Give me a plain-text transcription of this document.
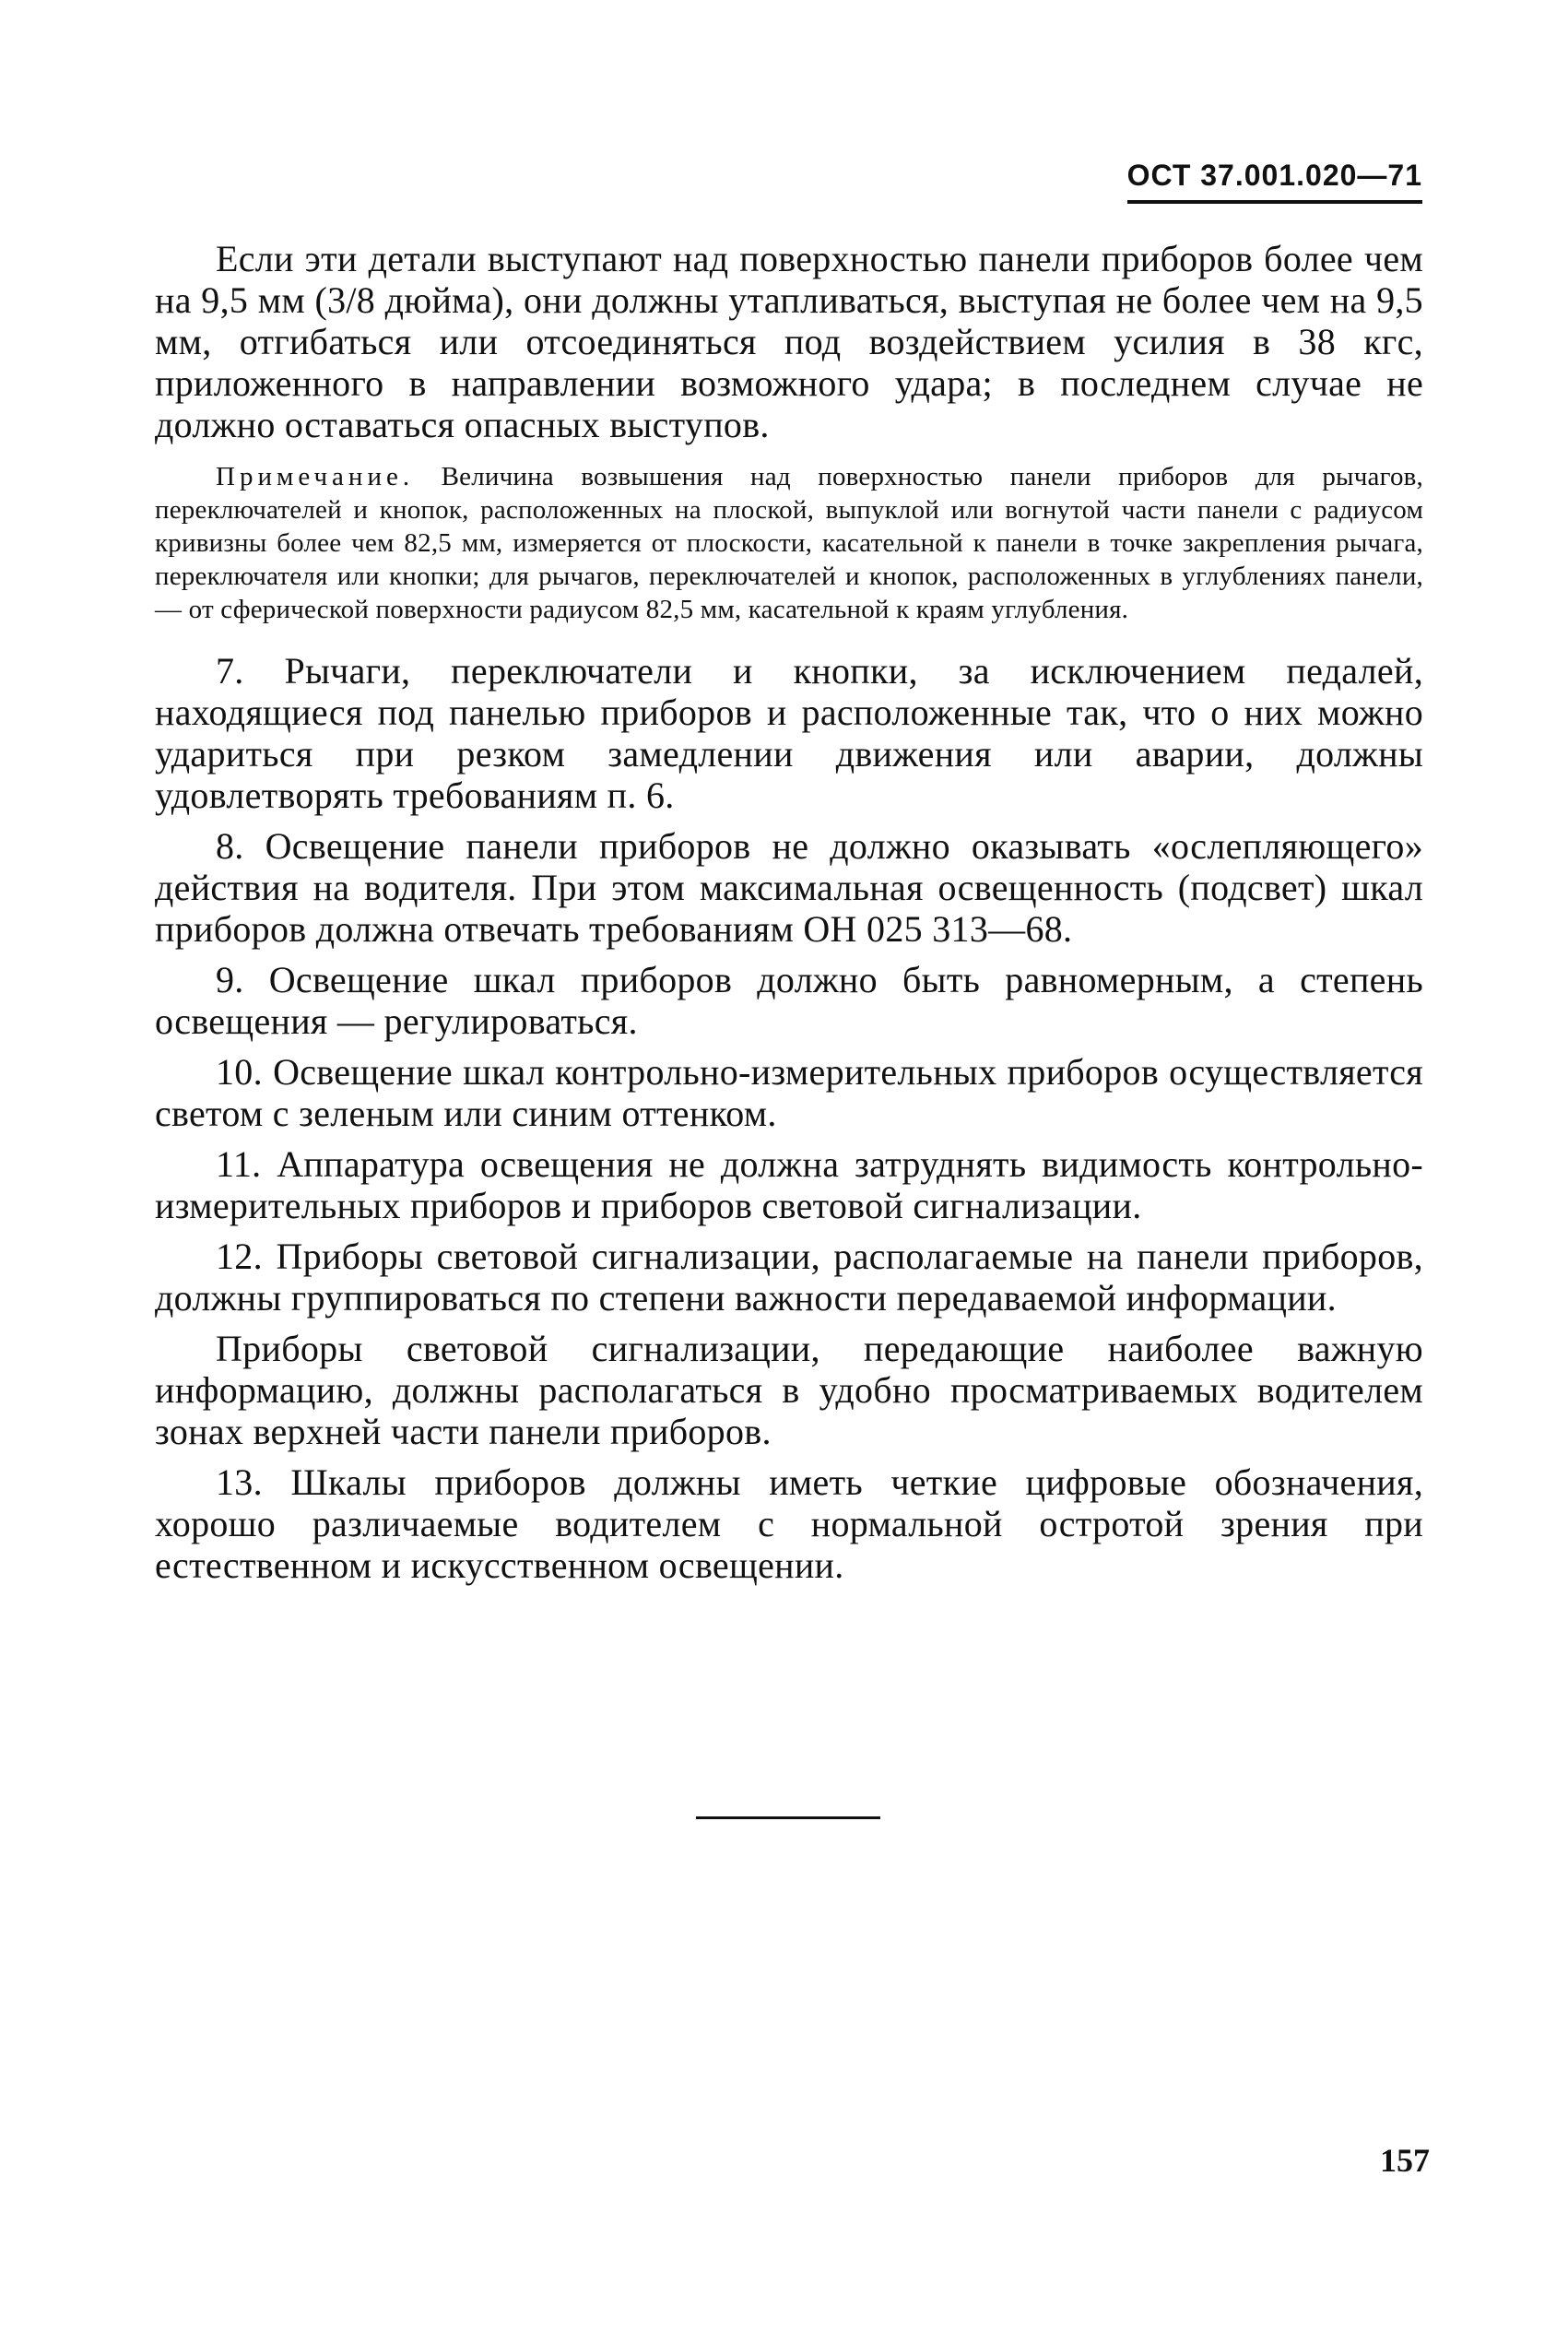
ОСТ 37.001.020—71

Если эти детали выступают над поверхностью панели приборов более чем на 9,5 мм (3/8 дюйма), они должны утапливаться, выступая не более чем на 9,5 мм, отгибаться или отсоединяться под воздействием усилия в 38 кгс, приложенного в направлении возможного удара; в последнем случае не должно оставаться опасных выступов.

Примечание. Величина возвышения над поверхностью панели приборов для рычагов, переключателей и кнопок, расположенных на плоской, выпуклой или вогнутой части панели с радиусом кривизны более чем 82,5 мм, измеряется от плоскости, касательной к панели в точке закрепления рычага, переключателя или кнопки; для рычагов, переключателей и кнопок, расположенных в углублениях панели, — от сферической поверхности радиусом 82,5 мм, касательной к краям углубления.

7. Рычаги, переключатели и кнопки, за исключением педалей, находящиеся под панелью приборов и расположенные так, что о них можно удариться при резком замедлении движения или аварии, должны удовлетворять требованиям п. 6.

8. Освещение панели приборов не должно оказывать «ослепляющего» действия на водителя. При этом максимальная освещенность (подсвет) шкал приборов должна отвечать требованиям ОН 025 313—68.

9. Освещение шкал приборов должно быть равномерным, а степень освещения — регулироваться.

10. Освещение шкал контрольно-измерительных приборов осуществляется светом с зеленым или синим оттенком.

11. Аппаратура освещения не должна затруднять видимость контрольно-измерительных приборов и приборов световой сигнализации.

12. Приборы световой сигнализации, располагаемые на панели приборов, должны группироваться по степени важности передаваемой информации.

Приборы световой сигнализации, передающие наиболее важную информацию, должны располагаться в удобно просматриваемых водителем зонах верхней части панели приборов.

13. Шкалы приборов должны иметь четкие цифровые обозначения, хорошо различаемые водителем с нормальной остротой зрения при естественном и искусственном освещении.

157
